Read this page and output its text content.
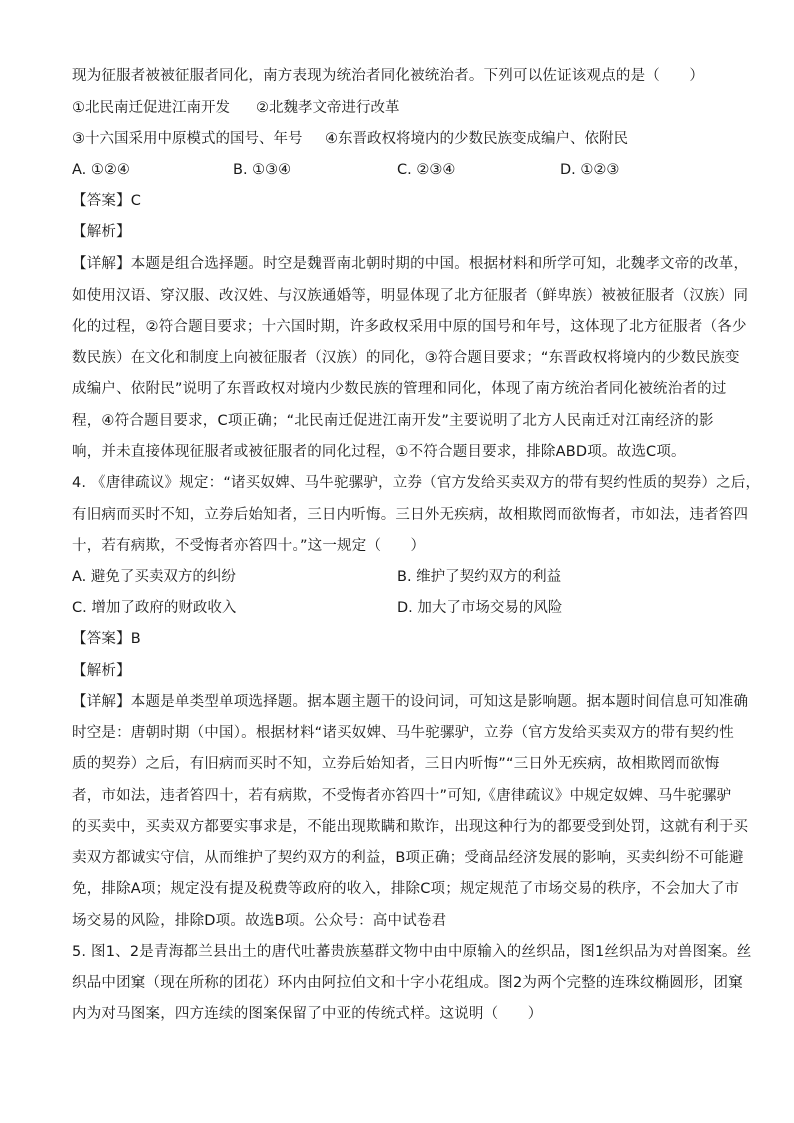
现为征服者被被征服者同化，南方表现为统治者同化被统治者。下列可以佐证该观点的是（　　）
①北民南迁促进江南开发 ②北魏孝文帝进行改革
③十六国采用中原模式的国号、年号 ④东晋政权将境内的少数民族变成编户、依附民
A. ①②④	B. ①③④	C. ②③④	D. ①②③
【答案】C
【解析】
【详解】本题是组合选择题。时空是魏晋南北朝时期的中国。根据材料和所学可知，北魏孝文帝的改革，
如使用汉语、穿汉服、改汉姓、与汉族通婚等，明显体现了北方征服者（鲜卑族）被被征服者（汉族）同
化的过程，②符合题目要求；十六国时期，许多政权采用中原的国号和年号，这体现了北方征服者（各少
数民族）在文化和制度上向被征服者（汉族）的同化，③符合题目要求；“东晋政权将境内的少数民族变
成编户、依附民”说明了东晋政权对境内少数民族的管理和同化，体现了南方统治者同化被统治者的过
程，④符合题目要求，C项正确；“北民南迁促进江南开发”主要说明了北方人民南迁对江南经济的影
响，并未直接体现征服者或被征服者的同化过程，①不符合题目要求，排除ABD项。故选C项。
4. 《唐律疏议》规定：“诸买奴婢、马牛驼骡驴，立券（官方发给买卖双方的带有契约性质的契券）之后，
有旧病而买时不知，立券后始知者，三日内听悔。三日外无疾病，故相欺罔而欲悔者，市如法，违者笞四
十，若有病欺，不受悔者亦笞四十。”这一规定（　　）
A. 避免了买卖双方的纠纷	B. 维护了契约双方的利益
C. 增加了政府的财政收入	D. 加大了市场交易的风险
【答案】B
【解析】
【详解】本题是单类型单项选择题。据本题主题干的设问词，可知这是影响题。据本题时间信息可知准确
时空是：唐朝时期（中国）。根据材料“诸买奴婢、马牛驼骡驴，立券（官方发给买卖双方的带有契约性
质的契券）之后，有旧病而买时不知，立券后始知者，三日内听悔”“三日外无疾病，故相欺罔而欲悔
者，市如法，违者笞四十，若有病欺，不受悔者亦笞四十”可知,《唐律疏议》中规定奴婢、马牛驼骡驴
的买卖中，买卖双方都要实事求是，不能出现欺瞒和欺诈，出现这种行为的都要受到处罚，这就有利于买
卖双方都诚实守信，从而维护了契约双方的利益，B项正确；受商品经济发展的影响，买卖纠纷不可能避
免，排除A项；规定没有提及税费等政府的收入，排除C项；规定规范了市场交易的秩序，不会加大了市
场交易的风险，排除D项。故选B项。公众号：高中试卷君
5. 图1、2是青海都兰县出土的唐代吐蕃贵族墓群文物中由中原输入的丝织品，图1丝织品为对兽图案。丝
织品中团窠（现在所称的团花）环内由阿拉伯文和十字小花组成。图2为两个完整的连珠纹椭圆形，团窠
内为对马图案，四方连续的图案保留了中亚的传统式样。这说明（　　）
